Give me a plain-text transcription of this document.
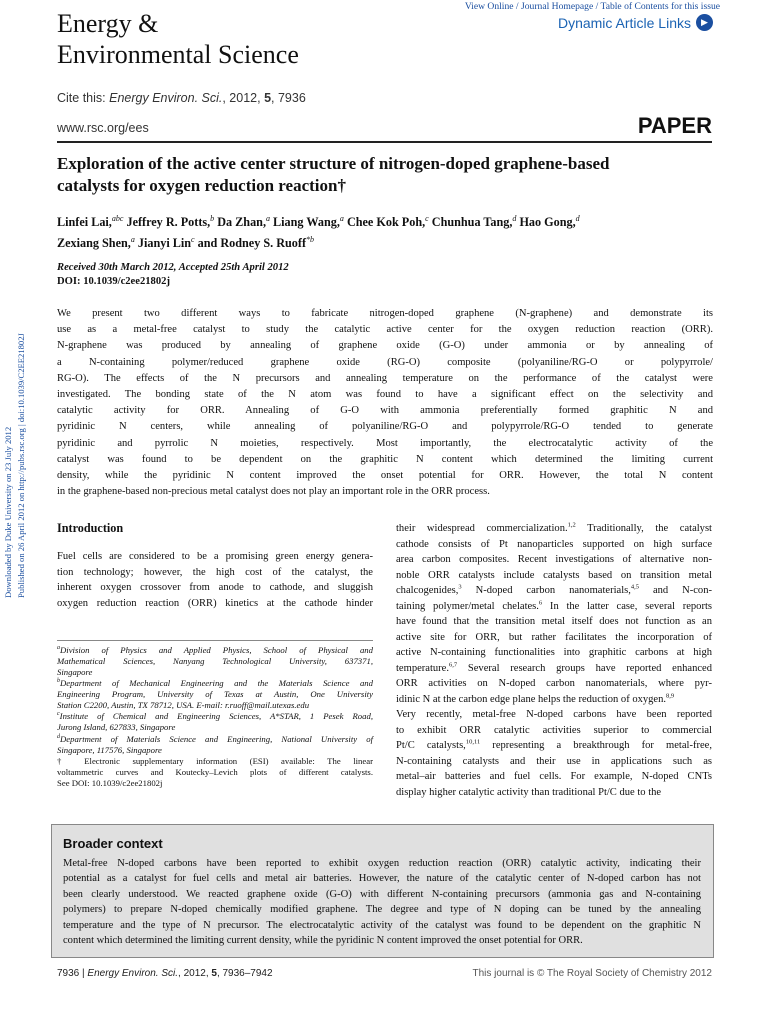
View Online / Journal Homepage / Table of Contents for this issue
Dynamic Article Links	▶
Energy &
Environmental Science
Cite this: Energy Environ. Sci., 2012, 5, 7936
www.rsc.org/ees	PAPER
Downloaded by Duke University on 23 July 2012 Published on 26 April 2012 on http://pubs.rsc.org | doi:10.1039/C2EE21802J
Exploration of the active center structure of nitrogen-doped graphene-based
catalysts for oxygen reduction reaction†
Linfei Lai,$^{abc}$ Jeffrey R. Potts,$^b$ Da Zhan,$^a$ Liang Wang,$^a$ Chee Kok Poh,$^c$ Chunhua Tang,$^d$ Hao Gong,$^d$
Zexiang Shen,$^a$ Jianyi Lin$^c$ and Rodney S. Ruoff$^{*b}$
Received 30th March 2012, Accepted 25th April 2012
DOI: 10.1039/c2ee21802j
We present two different ways to fabricate nitrogen-doped graphene (N-graphene) and demonstrate its
use as a metal-free catalyst to study the catalytic active center for the oxygen reduction reaction (ORR).
N-graphene was produced by annealing of graphene oxide (G-O) under ammonia or by annealing of
a N-containing polymer/reduced graphene oxide (RG-O) composite (polyaniline/RG-O or polypyrrole/
RG-O). The effects of the N precursors and annealing temperature on the performance of the catalyst were
investigated. The bonding state of the N atom was found to have a significant effect on the selectivity and
catalytic activity for ORR. Annealing of G-O with ammonia preferentially formed graphitic N and
pyridinic N centers, while annealing of polyaniline/RG-O and polypyrrole/RG-O tended to generate
pyridinic and pyrrolic N moieties, respectively. Most importantly, the electrocatalytic activity of the
catalyst was found to be dependent on the graphitic N content which determined the limiting current
density, while the pyridinic N content improved the onset potential for ORR. However, the total N content
in the graphene-based non-precious metal catalyst does not play an important role in the ORR process.
Introduction
Fuel cells are considered to be a promising green energy genera-
tion technology; however, the high cost of the catalyst, the
inherent oxygen crossover from anode to cathode, and sluggish
oxygen reduction reaction (ORR) kinetics at the cathode hinder
$^a$Division of Physics and Applied Physics, School of Physical and
Mathematical Sciences, Nanyang Technological University, 637371,
Singapore
$^b$Department of Mechanical Engineering and the Materials Science and
Engineering Program, University of Texas at Austin, One University
Station C2200, Austin, TX 78712, USA. E-mail: r.ruoff@mail.utexas.edu
$^c$Institute of Chemical and Engineering Sciences, A*STAR, 1 Pesek Road,
Jurong Island, 627833, Singapore
$^d$Department of Materials Science and Engineering, National University of
Singapore, 117576, Singapore
† Electronic supplementary information (ESI) available: The linear
voltammetric curves and Koutecky–Levich plots of different catalysts.
See DOI: 10.1039/c2ee21802j
their widespread commercialization.$^{1,2}$ Traditionally, the catalyst
cathode consists of Pt nanoparticles supported on high surface
area carbon composites. Recent investigations of alternative non-
noble ORR catalysts include catalysts based on transition metal
chalcogenides,$^3$ N-doped carbon nanomaterials,$^{4,5}$ and N-con-
taining polymer/metal chelates.$^6$ In the latter case, several reports
have found that the transition metal itself does not function as an
active site for ORR, but rather facilitates the incorporation of
active N-containing functionalities into graphitic carbons at high
temperature.$^{6,7}$ Several research groups have reported enhanced
ORR activities on N-doped carbon nanomaterials, where pyr-
idinic N at the carbon edge plane helps the reduction of oxygen.$^{8,9}$
Very recently, metal-free N-doped carbons have been reported
to exhibit ORR catalytic activities superior to commercial
Pt/C catalysts,$^{10,11}$ representing a breakthrough for metal-free,
N-containing catalysts and their use in applications such as
metal–air batteries and fuel cells. For example, N-doped CNTs
display higher catalytic activity than traditional Pt/C due to the
Broader context
Metal-free N-doped carbons have been reported to exhibit oxygen reduction reaction (ORR) catalytic activity, indicating their
potential as a catalyst for fuel cells and metal air batteries. However, the nature of the catalytic center of N-doped carbon has not
been clearly understood. We reacted graphene oxide (G-O) with different N-containing precursors (ammonia gas and N-containing
polymers) to prepare N-doped chemically modified graphene. The degree and type of N doping can be tuned by the annealing
temperature and the type of N precursor. The electrocatalytic activity of the catalyst was found to be dependent on the graphitic N
content which determined the limiting current density, while the pyridinic N content improved the onset potential for ORR.
7936 | Energy Environ. Sci., 2012, 5, 7936–7942	This journal is © The Royal Society of Chemistry 2012
